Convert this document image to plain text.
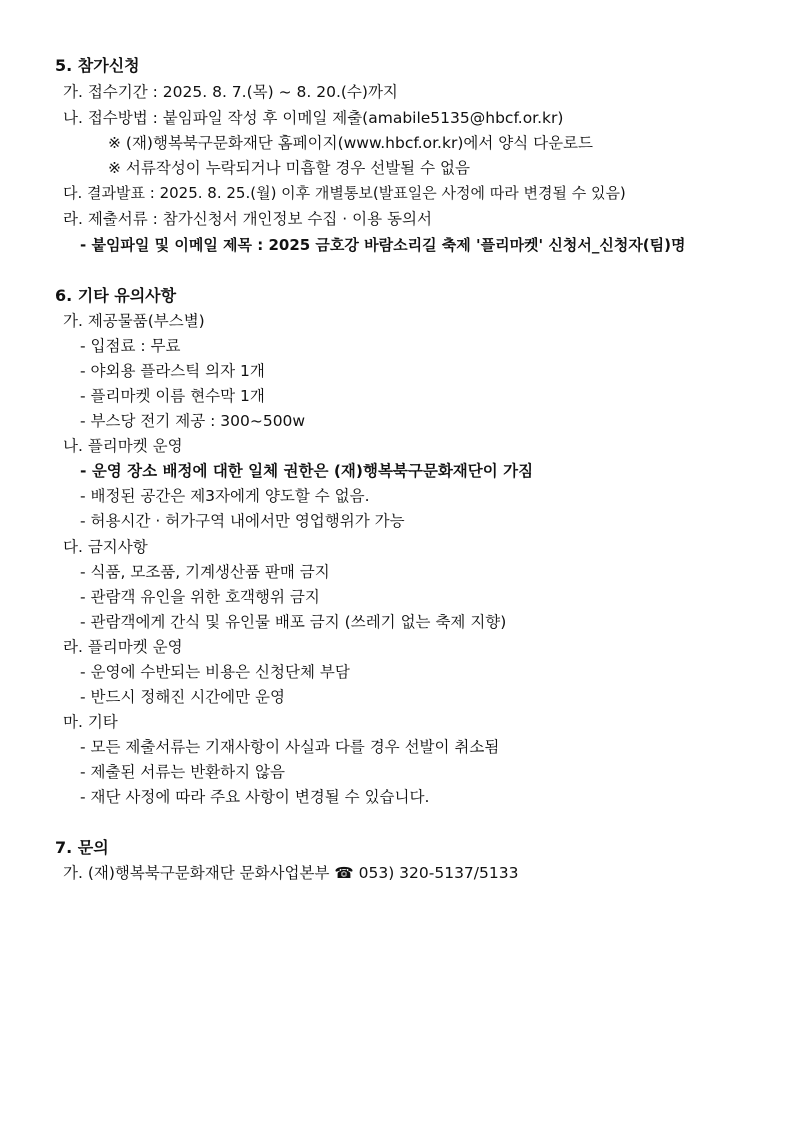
5. 참가신청
가. 접수기간 : 2025. 8. 7.(목) ~ 8. 20.(수)까지
나. 접수방법 : 붙임파일 작성 후 이메일 제출(amabile5135@hbcf.or.kr)
※ (재)행복북구문화재단 홈페이지(www.hbcf.or.kr)에서 양식 다운로드
※ 서류작성이 누락되거나 미흡할 경우 선발될 수 없음
다. 결과발표 : 2025. 8. 25.(월) 이후 개별통보(발표일은 사정에 따라 변경될 수 있음)
라. 제출서류 : 참가신청서 개인정보 수집 · 이용 동의서
- 붙임파일 및 이메일 제목 : 2025 금호강 바람소리길 축제 '플리마켓' 신청서_신청자(팀)명
6. 기타 유의사항
가. 제공물품(부스별)
- 입점료 : 무료
- 야외용 플라스틱 의자 1개
- 플리마켓 이름 현수막 1개
- 부스당 전기 제공 : 300~500w
나. 플리마켓 운영
- 운영 장소 배정에 대한 일체 권한은 (재)행복북구문화재단이 가짐
- 배정된 공간은 제3자에게 양도할 수 없음.
- 허용시간 · 허가구역 내에서만 영업행위가 가능
다. 금지사항
- 식품, 모조품, 기계생산품 판매 금지
- 관람객 유인을 위한 호객행위 금지
- 관람객에게 간식 및 유인물 배포 금지 (쓰레기 없는 축제 지향)
라. 플리마켓 운영
- 운영에 수반되는 비용은 신청단체 부담
- 반드시 정해진 시간에만 운영
마. 기타
- 모든 제출서류는 기재사항이 사실과 다를 경우 선발이 취소됨
- 제출된 서류는 반환하지 않음
- 재단 사정에 따라 주요 사항이 변경될 수 있습니다.
7. 문의
가. (재)행복북구문화재단 문화사업본부 ☎ 053) 320-5137/5133
